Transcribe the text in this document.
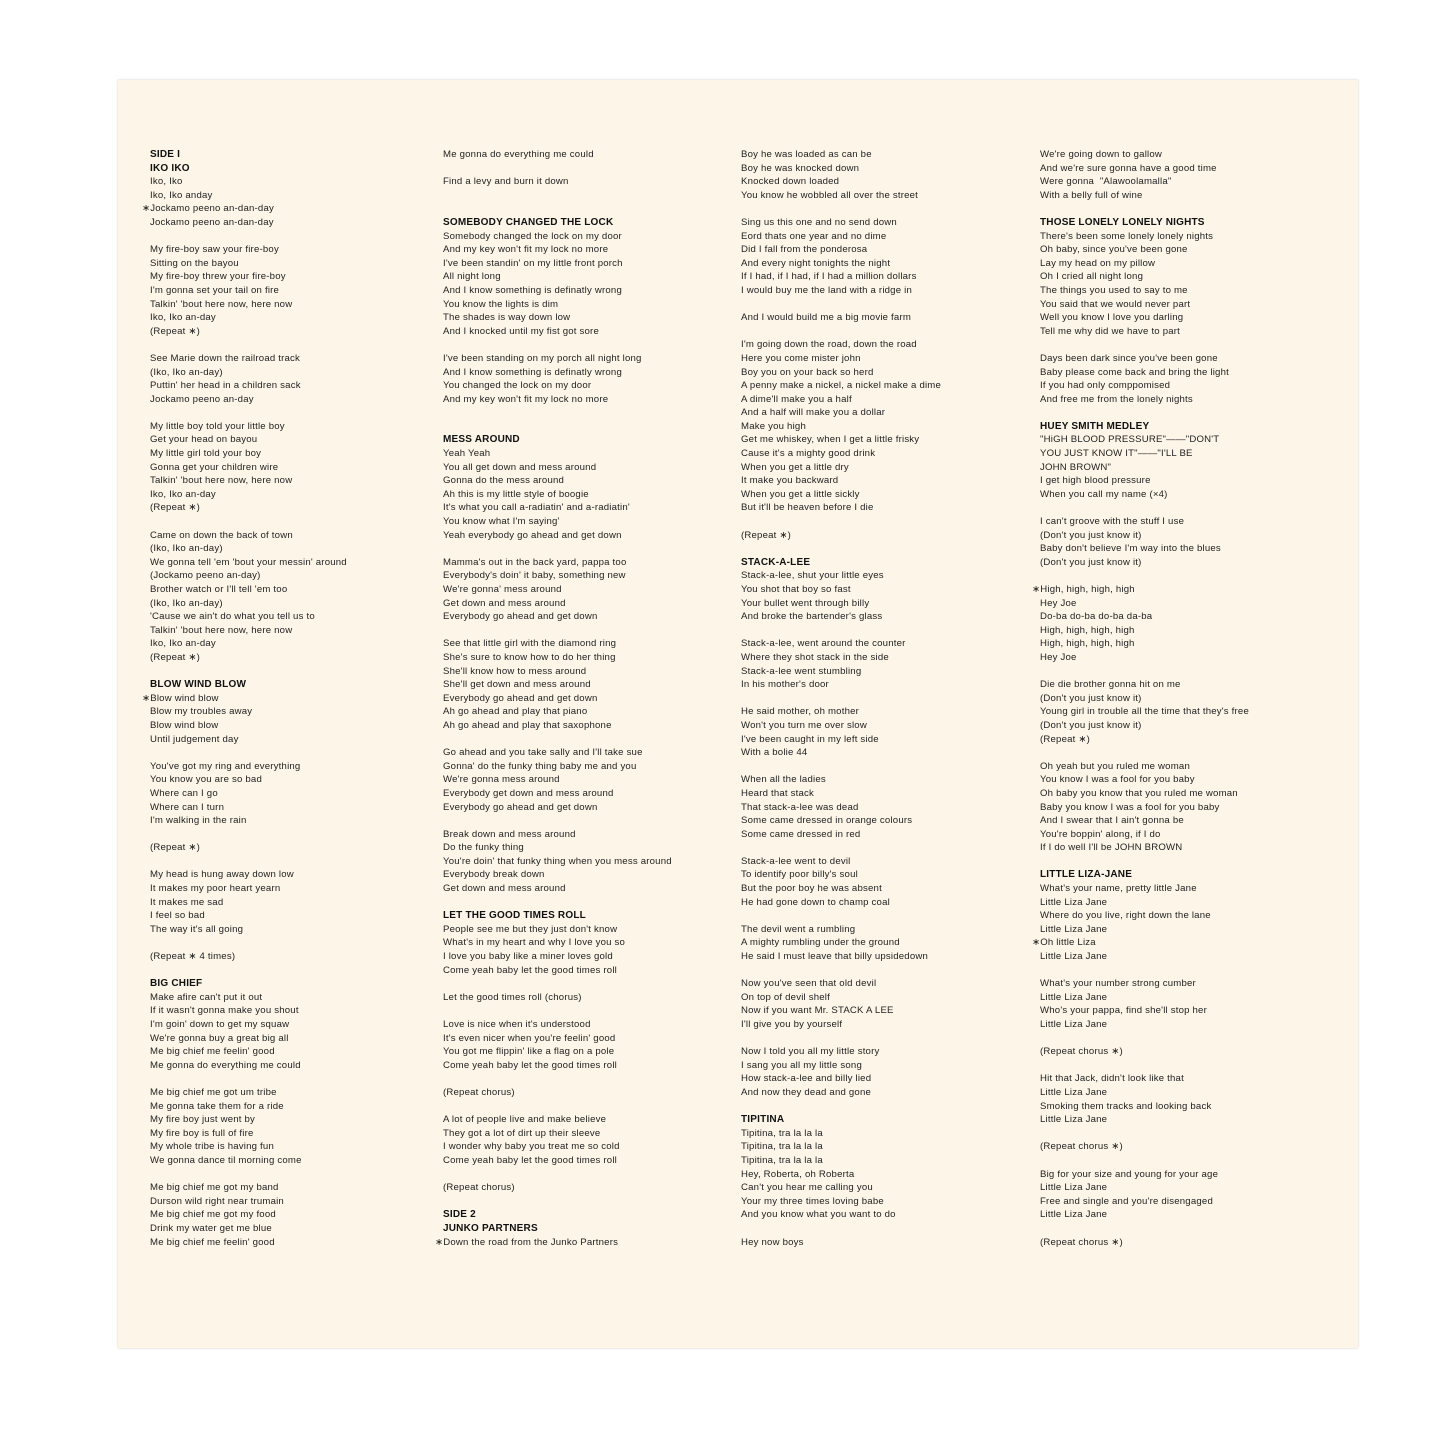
SIDE I
IKO IKO
Iko, Iko
Iko, Iko anday
∗Jockamo peeno an-dan-day
Jockamo peeno an-dan-day
My fire-boy saw your fire-boy
Sitting on the bayou
My fire-boy threw your fire-boy
I'm gonna set your tail on fire
Talkin' 'bout here now, here now
Iko, Iko an-day
(Repeat ∗)
See Marie down the railroad track
(Iko, Iko an-day)
Puttin' her head in a children sack
Jockamo peeno an-day
My little boy told your little boy
Get your head on bayou
My little girl told your boy
Gonna get your children wire
Talkin' 'bout here now, here now
Iko, Iko an-day
(Repeat ∗)
Came on down the back of town
(Iko, Iko an-day)
We gonna tell 'em 'bout your messin' around
(Jockamo peeno an-day)
Brother watch or I'll tell 'em too
(Iko, Iko an-day)
'Cause we ain't do what you tell us to
Talkin' 'bout here now, here now
Iko, Iko an-day
(Repeat ∗)
BLOW WIND BLOW
∗Blow wind blow
Blow my troubles away
Blow wind blow
Until judgement day
You've got my ring and everything
You know you are so bad
Where can I go
Where can I turn
I'm walking in the rain
(Repeat ∗)
My head is hung away down low
It makes my poor heart yearn
It makes me sad
I feel so bad
The way it's all going
(Repeat ∗ 4 times)
BIG CHIEF
Make afire can't put it out
If it wasn't gonna make you shout
I'm goin' down to get my squaw
We're gonna buy a great big all
Me big chief me feelin' good
Me gonna do everything me could
Me big chief me got um tribe
Me gonna take them for a ride
My fire boy just went by
My fire boy is full of fire
My whole tribe is having fun
We gonna dance til morning come
Me big chief me got my band
Durson wild right near trumain
Me big chief me got my food
Drink my water get me blue
Me big chief me feelin' good
Me gonna do everything me could
Find a levy and burn it down
SOMEBODY CHANGED THE LOCK
Somebody changed the lock on my door
And my key won't fit my lock no more
I've been standin' on my little front porch
All night long
And I know something is definatly wrong
You know the lights is dim
The shades is way down low
And I knocked until my fist got sore
I've been standing on my porch all night long
And I know something is definatly wrong
You changed the lock on my door
And my key won't fit my lock no more
MESS AROUND
Yeah Yeah
You all get down and mess around
Gonna do the mess around
Ah this is my little style of boogie
It's what you call a-radiatin' and a-radiatin'
You know what I'm saying'
Yeah everybody go ahead and get down
Mamma's out in the back yard, pappa too
Everybody's doin' it baby, something new
We're gonna' mess around
Get down and mess around
Everybody go ahead and get down
See that little girl with the diamond ring
She's sure to know how to do her thing
She'll know how to mess around
She'll get down and mess around
Everybody go ahead and get down
Ah go ahead and play that piano
Ah go ahead and play that saxophone
Go ahead and you take sally and I'll take sue
Gonna' do the funky thing baby me and you
We're gonna mess around
Everybody get down and mess around
Everybody go ahead and get down
Break down and mess around
Do the funky thing
You're doin' that funky thing when you mess around
Everybody break down
Get down and mess around
LET THE GOOD TIMES ROLL
People see me but they just don't know
What's in my heart and why I love you so
I love you baby like a miner loves gold
Come yeah baby let the good times roll
Let the good times roll (chorus)
Love is nice when it's understood
It's even nicer when you're feelin' good
You got me flippin' like a flag on a pole
Come yeah baby let the good times roll
(Repeat chorus)
A lot of people live and make believe
They got a lot of dirt up their sleeve
I wonder why baby you treat me so cold
Come yeah baby let the good times roll
(Repeat chorus)
SIDE 2
JUNKO PARTNERS
∗Down the road from the Junko Partners
Boy he was loaded as can be
Boy he was knocked down
Knocked down loaded
You know he wobbled all over the street
Sing us this one and no send down
Eord thats one year and no dime
Did I fall from the ponderosa
And every night tonights the night
If I had, if I had, if I had a million dollars
I would buy me the land with a ridge in
And I would build me a big movie farm
I'm going down the road, down the road
Here you come mister john
Boy you on your back so herd
A penny make a nickel, a nickel make a dime
A dime'll make you a half
And a half will make you a dollar
Make you high
Get me whiskey, when I get a little frisky
Cause it's a mighty good drink
When you get a little dry
It make you backward
When you get a little sickly
But it'll be heaven before I die
(Repeat ∗)
STACK-A-LEE
Stack-a-lee, shut your little eyes
You shot that boy so fast
Your bullet went through billy
And broke the bartender's glass
Stack-a-lee, went around the counter
Where they shot stack in the side
Stack-a-lee went stumbling
In his mother's door
He said mother, oh mother
Won't you turn me over slow
I've been caught in my left side
With a bolie 44
When all the ladies
Heard that stack
That stack-a-lee was dead
Some came dressed in orange colours
Some came dressed in red
Stack-a-lee went to devil
To identify poor billy's soul
But the poor boy he was absent
He had gone down to champ coal
The devil went a rumbling
A mighty rumbling under the ground
He said I must leave that billy upsidedown
Now you've seen that old devil
On top of devil shelf
Now if you want Mr. STACK A LEE
I'll give you by yourself
Now I told you all my little story
I sang you all my little song
How stack-a-lee and billy lied
And now they dead and gone
TIPITINA
Tipitina, tra la la la
Tipitina, tra la la la
Tipitina, tra la la la
Hey, Roberta, oh Roberta
Can't you hear me calling you
Your my three times loving babe
And you know what you want to do
Hey now boys
We're going down to gallow
And we're sure gonna have a good time
Were gonna  "Alawoolamalla"
With a belly full of wine
THOSE LONELY LONELY NIGHTS
There's been some lonely lonely nights
Oh baby, since you've been gone
Lay my head on my pillow
Oh I cried all night long
The things you used to say to me
You said that we would never part
Well you know I love you darling
Tell me why did we have to part
Days been dark since you've been gone
Baby please come back and bring the light
If you had only comppomised
And free me from the lonely nights
HUEY SMITH MEDLEY
"HiGH BLOOD PRESSURE"——"DON'T
YOU JUST KNOW IT"——"I'LL BE
JOHN BROWN"
I get high blood pressure
When you call my name (×4)
I can't groove with the stuff I use
(Don't you just know it)
Baby don't believe I'm way into the blues
(Don't you just know it)
∗High, high, high, high
Hey Joe
Do-ba do-ba do-ba da-ba
High, high, high, high
High, high, high, high
Hey Joe
Die die brother gonna hit on me
(Don't you just know it)
Young girl in trouble all the time that they's free
(Don't you just know it)
(Repeat ∗)
Oh yeah but you ruled me woman
You know I was a fool for you baby
Oh baby you know that you ruled me woman
Baby you know I was a fool for you baby
And I swear that I ain't gonna be
You're boppin' along, if I do
If I do well I'll be JOHN BROWN
LITTLE LIZA-JANE
What's your name, pretty little Jane
Little Liza Jane
Where do you live, right down the lane
Little Liza Jane
∗Oh little Liza
Little Liza Jane
What's your number strong cumber
Little Liza Jane
Who's your pappa, find she'll stop her
Little Liza Jane
(Repeat chorus ∗)
Hit that Jack, didn't look like that
Little Liza Jane
Smoking them tracks and looking back
Little Liza Jane
(Repeat chorus ∗)
Big for your size and young for your age
Little Liza Jane
Free and single and you're disengaged
Little Liza Jane
(Repeat chorus ∗)
